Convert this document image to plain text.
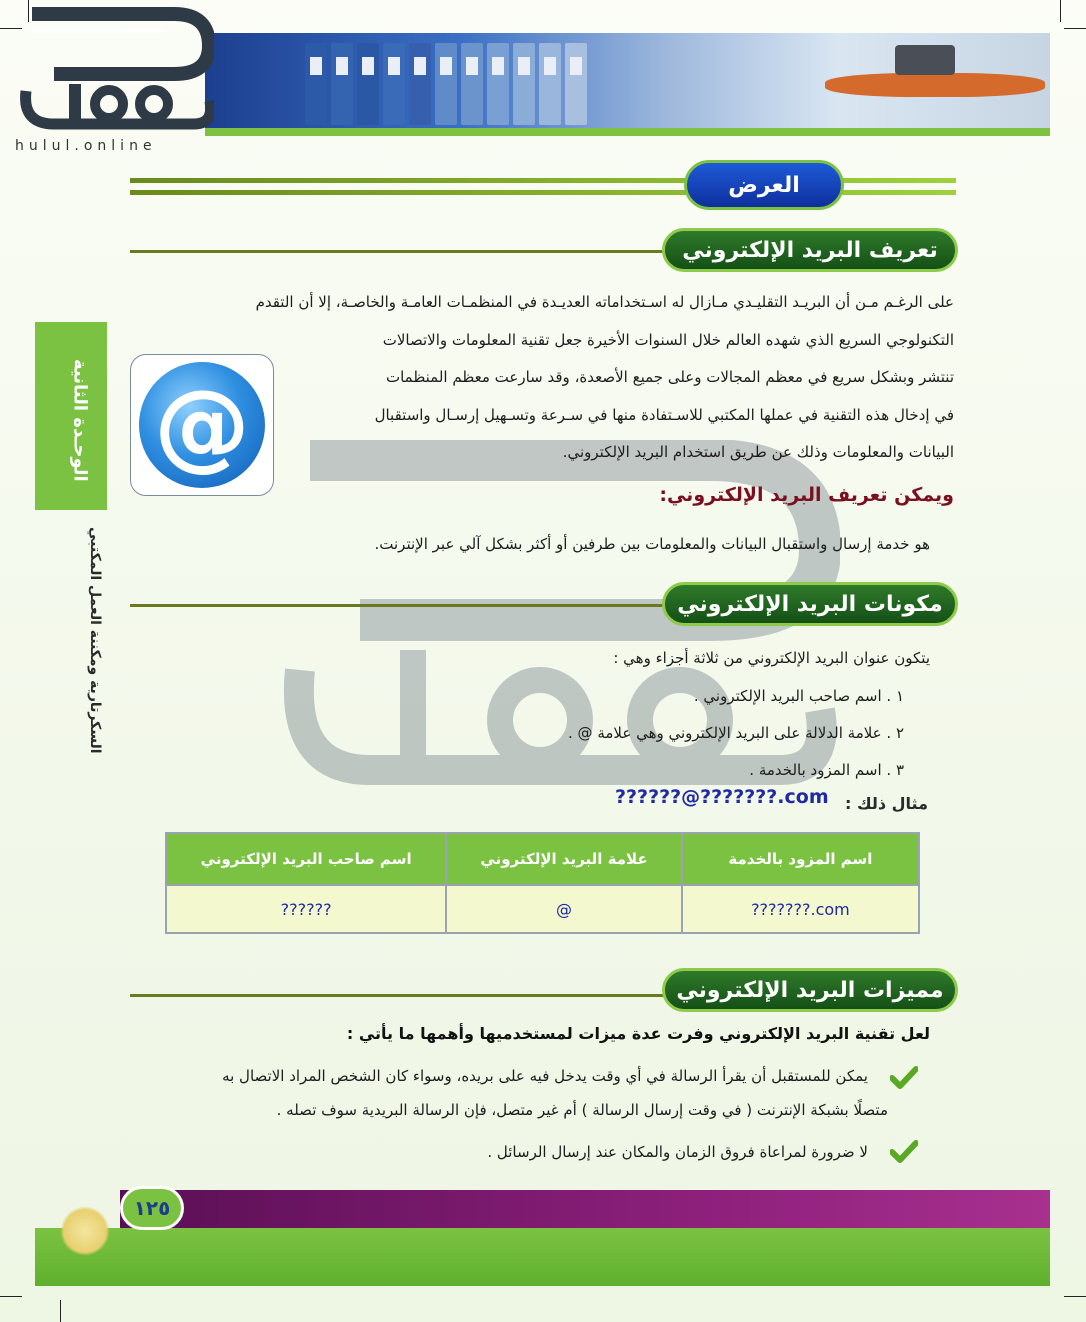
hulul.online
الوحـدة الثانية
السكرتارية ومكننة العمل المكتبي
العرض
تعريف البريد الإلكتروني
على الرغـم مـن أن البريـد التقليـدي مـازال له اسـتخداماته العديـدة في المنظمـات العامـة والخاصـة، إلا أن التقدم
التكنولوجي السريع الذي شهده العالم خلال السنوات الأخيرة جعل تقنية المعلومات والاتصالات
تنتشر وبشكل سريع في معظم المجالات وعلى جميع الأصعدة، وقد سارعت معظم المنظمات
في إدخال هذه التقنية في عملها المكتبي للاسـتفادة منها في سـرعة وتسـهيل إرسـال واستقبال
البيانات والمعلومات وذلك عن طريق استخدام البريد الإلكتروني.
@
ويمكن تعريف البريد الإلكتروني:
هو خدمة إرسال واستقبال البيانات والمعلومات بين طرفين أو أكثر بشكل آلي عبر الإنترنت.
مكونات البريد الإلكتروني
يتكون عنوان البريد الإلكتروني من ثلاثة أجزاء وهي :
١ . اسم صاحب البريد الإلكتروني .
٢ . علامة الدلالة على البريد الإلكتروني وهي علامة @ .
٣ . اسم المزود بالخدمة .
مثال ذلك :
??????@???????.com
اسم صاحب البريد الإلكتروني	علامة البريد الإلكتروني	اسم المزود بالخدمة
??????	@	???????.com
مميزات البريد الإلكتروني
لعل تقنية البريد الإلكتروني وفرت عدة ميزات لمستخدميها وأهمها ما يأتي :
يمكن للمستقبل أن يقرأ الرسالة في أي وقت يدخل فيه على بريده، وسواء كان الشخص المراد الاتصال به
متصلًا بشبكة الإنترنت ( في وقت إرسال الرسالة ) أم غير متصل، فإن الرسالة البريدية سوف تصله .
لا ضرورة لمراعاة فروق الزمان والمكان عند إرسال الرسائل .
١٢٥
